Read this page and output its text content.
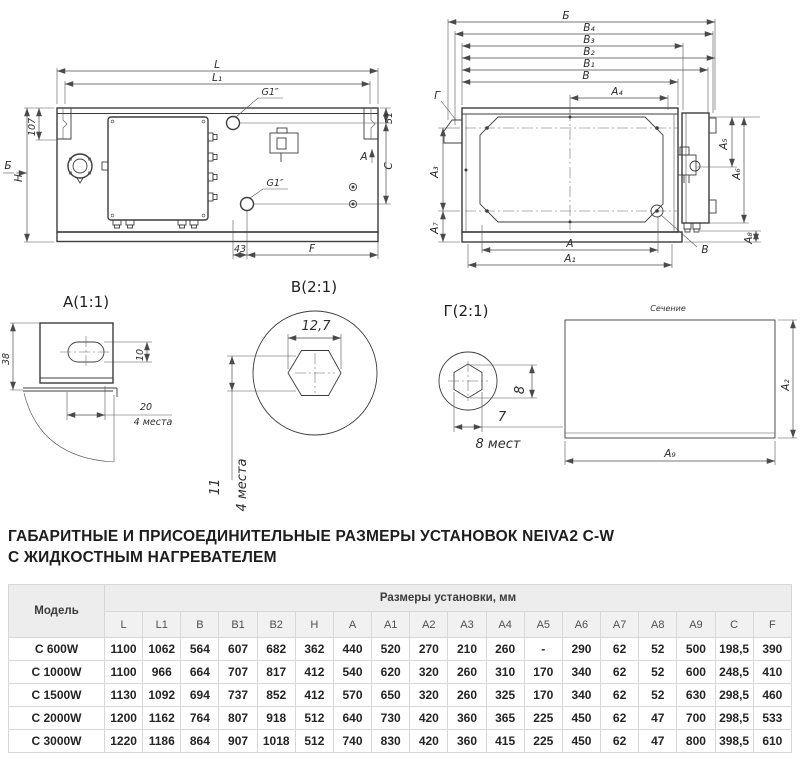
L
L₁
H
Б
107	51
C
А
43	F
G1″
G1″
Б
В₄
В₃
В₂
В₁
В
А₄
Г
А₃
А₇
А₅
А₆
А₈
А
А₁
В
А(1:1)
38	10
20
4 места
В(2:1)
12,7
11 4 места
Г(2:1)
8
7
8 мест
Сечение
А₂
А₉
ГАБАРИТНЫЕ И ПРИСОЕДИНИТЕЛЬНЫЕ РАЗМЕРЫ УСТАНОВОК NEIVA2 C-W
С ЖИДКОСТНЫМ НАГРЕВАТЕЛЕМ
Модель	Размеры установки, мм																	
	L	L1	B	B1	B2	H	A	A1	A2	A3	A4	A5	A6	A7	A8	A9	C	F
C 600W	1100	1062	564	607	682	362	440	520	270	210	260	-	290	62	52	500	198,5	390
C 1000W	1100	966	664	707	817	412	540	620	320	260	310	170	340	62	52	600	248,5	410
C 1500W	1130	1092	694	737	852	412	570	650	320	260	325	170	340	62	52	630	298,5	460
C 2000W	1200	1162	764	807	918	512	640	730	420	360	365	225	450	62	47	700	298,5	533
C 3000W	1220	1186	864	907	1018	512	740	830	420	360	415	225	450	62	47	800	398,5	610
